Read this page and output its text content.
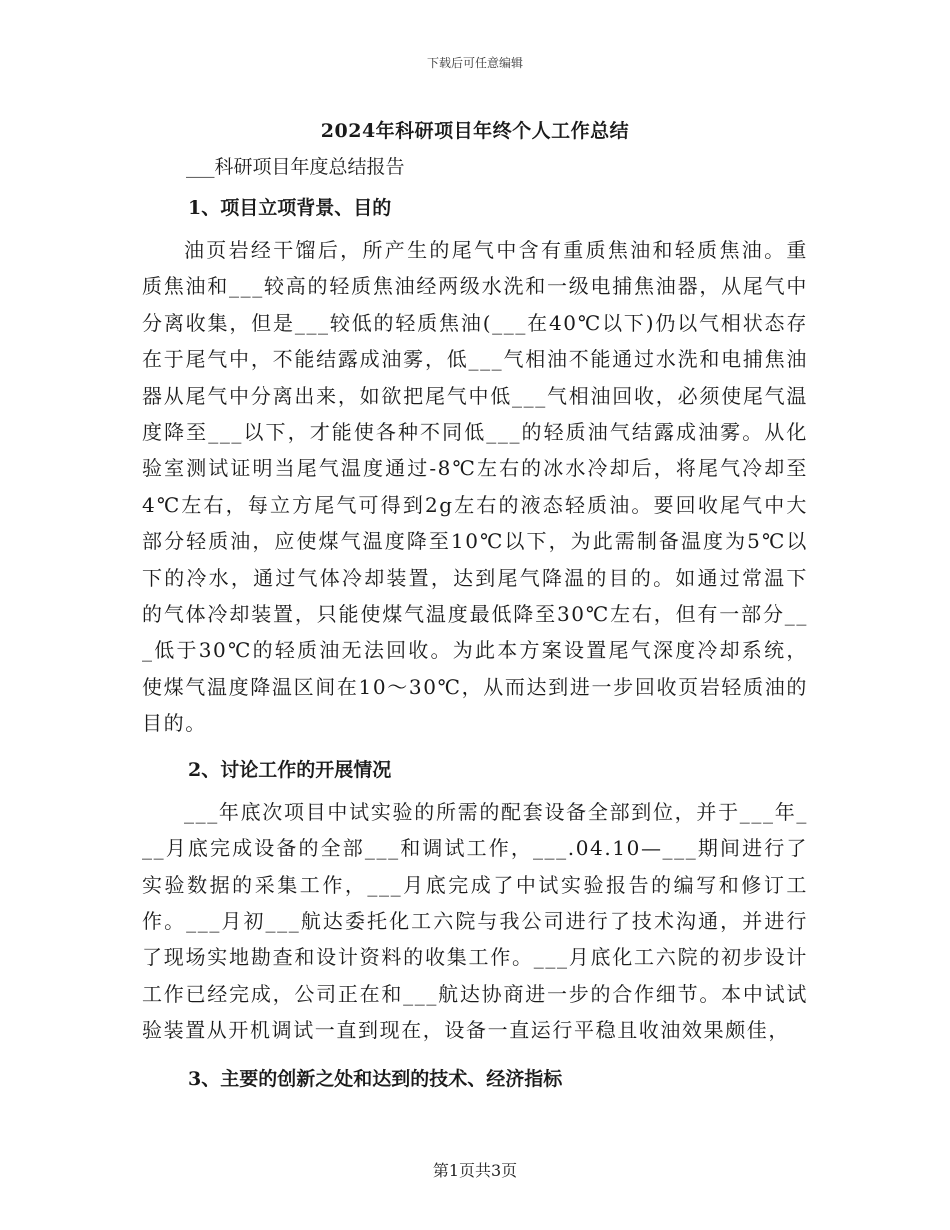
下载后可任意编辑
2024年科研项目年终个人工作总结
___科研项目年度总结报告
1、项目立项背景、目的

油页岩经干馏后，所产生的尾气中含有重质焦油和轻质焦油。重质焦油和___较高的轻质焦油经两级水洗和一级电捕焦油器，从尾气中分离收集，但是___较低的轻质焦油(___在40℃以下)仍以气相状态存在于尾气中，不能结露成油雾，低___气相油不能通过水洗和电捕焦油器从尾气中分离出来，如欲把尾气中低___气相油回收，必须使尾气温度降至___以下，才能使各种不同低___的轻质油气结露成油雾。从化验室测试证明当尾气温度通过-8℃左右的冰水冷却后，将尾气冷却至4℃左右，每立方尾气可得到2g左右的液态轻质油。要回收尾气中大部分轻质油，应使煤气温度降至10℃以下，为此需制备温度为5℃以下的冷水，通过气体冷却装置，达到尾气降温的目的。如通过常温下的气体冷却装置，只能使煤气温度最低降至30℃左右，但有一部分___低于30℃的轻质油无法回收。为此本方案设置尾气深度冷却系统，使煤气温度降温区间在10～30℃，从而达到进一步回收页岩轻质油的目的。

2、讨论工作的开展情况

___年底次项目中试实验的所需的配套设备全部到位，并于___年___月底完成设备的全部___和调试工作，___.04.10—___期间进行了实验数据的采集工作，___月底完成了中试实验报告的编写和修订工作。___月初___航达委托化工六院与我公司进行了技术沟通，并进行了现场实地勘查和设计资料的收集工作。___月底化工六院的初步设计工作已经完成，公司正在和___航达协商进一步的合作细节。本中试试验装置从开机调试一直到现在，设备一直运行平稳且收油效果颇佳，

3、主要的创新之处和达到的技术、经济指标
第1页共3页
